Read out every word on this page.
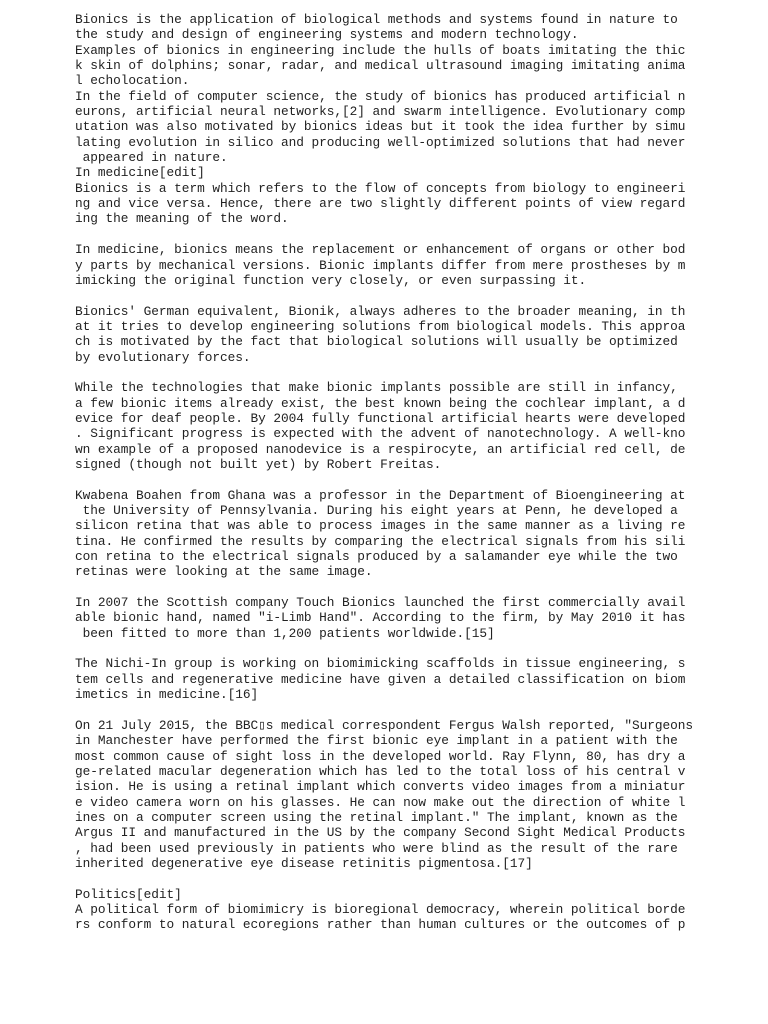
Bionics is the application of biological methods and systems found in nature to
the study and design of engineering systems and modern technology.
Examples of bionics in engineering include the hulls of boats imitating the thic
k skin of dolphins; sonar, radar, and medical ultrasound imaging imitating anima
l echolocation.
In the field of computer science, the study of bionics has produced artificial n
eurons, artificial neural networks,[2] and swarm intelligence. Evolutionary comp
utation was also motivated by bionics ideas but it took the idea further by simu
lating evolution in silico and producing well-optimized solutions that had never
appeared in nature.
In medicine[edit]
Bionics is a term which refers to the flow of concepts from biology to engineeri
ng and vice versa. Hence, there are two slightly different points of view regard
ing the meaning of the word.
In medicine, bionics means the replacement or enhancement of organs or other bod
y parts by mechanical versions. Bionic implants differ from mere prostheses by m
imicking the original function very closely, or even surpassing it.
Bionics' German equivalent, Bionik, always adheres to the broader meaning, in th
at it tries to develop engineering solutions from biological models. This approa
ch is motivated by the fact that biological solutions will usually be optimized
by evolutionary forces.
While the technologies that make bionic implants possible are still in infancy,
a few bionic items already exist, the best known being the cochlear implant, a d
evice for deaf people. By 2004 fully functional artificial hearts were developed
. Significant progress is expected with the advent of nanotechnology. A well-kno
wn example of a proposed nanodevice is a respirocyte, an artificial red cell, de
signed (though not built yet) by Robert Freitas.
Kwabena Boahen from Ghana was a professor in the Department of Bioengineering at
the University of Pennsylvania. During his eight years at Penn, he developed a
silicon retina that was able to process images in the same manner as a living re
tina. He confirmed the results by comparing the electrical signals from his sili
con retina to the electrical signals produced by a salamander eye while the two
retinas were looking at the same image.
In 2007 the Scottish company Touch Bionics launched the first commercially avail
able bionic hand, named "i-Limb Hand". According to the firm, by May 2010 it has
been fitted to more than 1,200 patients worldwide.[15]
The Nichi-In group is working on biomimicking scaffolds in tissue engineering, s
tem cells and regenerative medicine have given a detailed classification on biom
imetics in medicine.[16]
On 21 July 2015, the BBC▯s medical correspondent Fergus Walsh reported, "Surgeons
in Manchester have performed the first bionic eye implant in a patient with the
most common cause of sight loss in the developed world. Ray Flynn, 80, has dry a
ge-related macular degeneration which has led to the total loss of his central v
ision. He is using a retinal implant which converts video images from a miniatur
e video camera worn on his glasses. He can now make out the direction of white l
ines on a computer screen using the retinal implant." The implant, known as the
Argus II and manufactured in the US by the company Second Sight Medical Products
, had been used previously in patients who were blind as the result of the rare
inherited degenerative eye disease retinitis pigmentosa.[17]
Politics[edit]
A political form of biomimicry is bioregional democracy, wherein political borde
rs conform to natural ecoregions rather than human cultures or the outcomes of p
